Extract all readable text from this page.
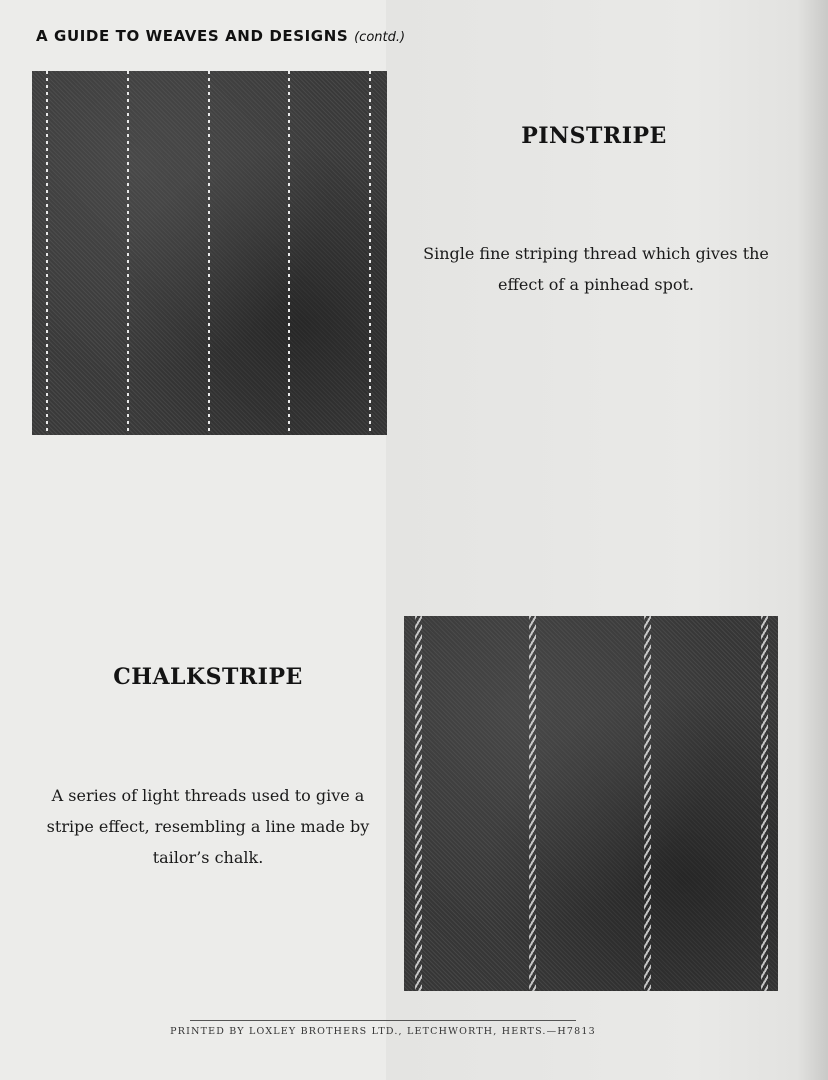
A GUIDE TO WEAVES AND DESIGNS (contd.)
PINSTRIPE
Single fine striping thread which gives the effect of a pinhead spot.
CHALKSTRIPE
A series of light threads used to give a stripe effect, resembling a line made by tailor’s chalk.
PRINTED BY LOXLEY BROTHERS LTD., LETCHWORTH, HERTS.—H7813
